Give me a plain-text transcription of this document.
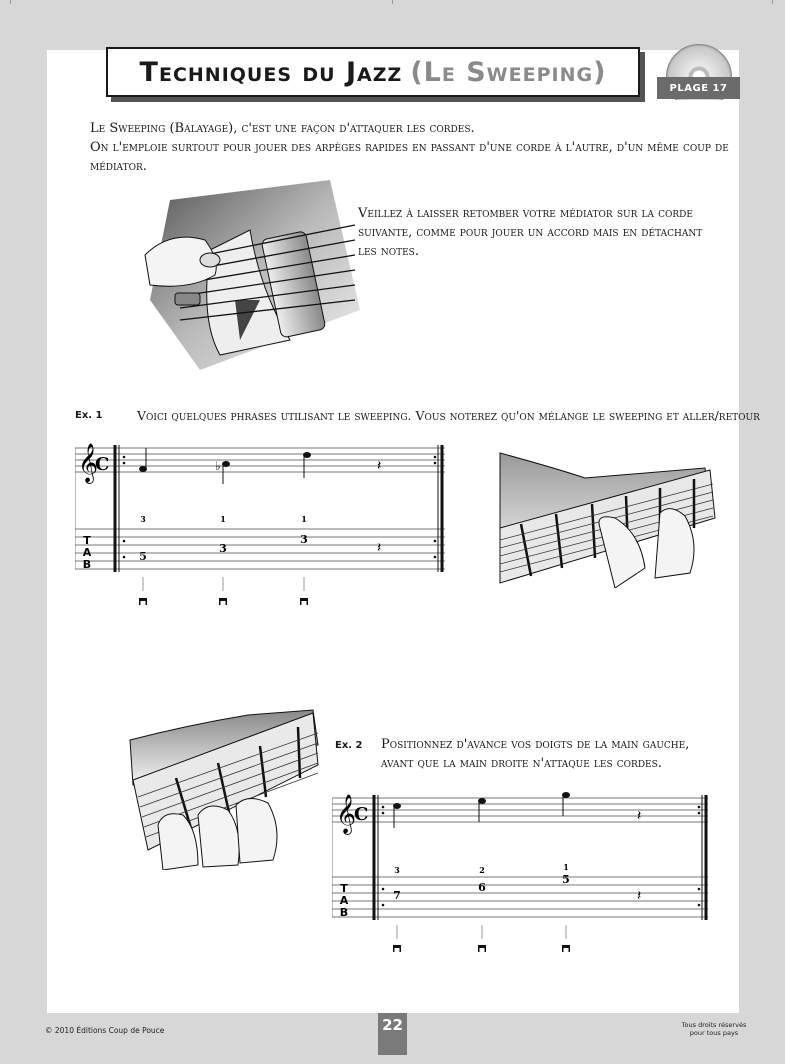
Techniques du Jazz (Le Sweeping)
PLAGE 17
Le Sweeping (Balayage), c'est une façon d'attaquer les cordes.
On l'emploie surtout pour jouer des arpèges rapides en passant d'une corde à l'autre, d'un même coup de médiator.
Veillez à laisser retomber votre médiator sur la corde suivante, comme pour jouer un accord mais en détachant les notes.
Ex. 1	Voici quelques phrases utilisant le sweeping. Vous noterez qu'on mélange le sweeping et aller/retour
𝄞
C	♭	𝄽
3	1	1
5
3
3
𝄽
T
A
B
Ex. 2 Positionnez d'avance vos doigts de la main gauche, avant que la main droite n'attaque les cordes.
𝄞
C	𝄽
3	2	1
7
6
5
𝄽
T
A
B
© 2010 Éditions Coup de Pouce	22	Tous droits réservés
pour tous pays
